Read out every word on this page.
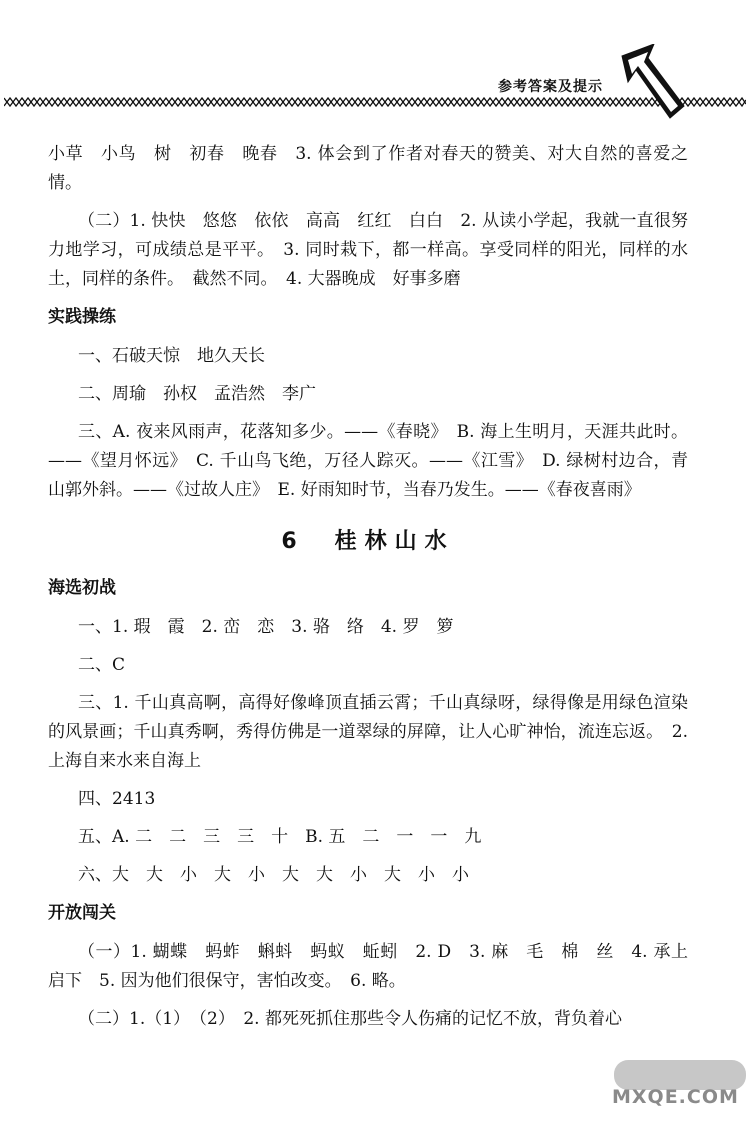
参考答案及提示

小草　小鸟　树　初春　晚春　3. 体会到了作者对春天的赞美、对大自然的喜爱之情。

（二）1. 快快　悠悠　依依　高高　红红　白白　2. 从读小学起，我就一直很努力地学习，可成绩总是平平。　3. 同时栽下，都一样高。享受同样的阳光，同样的水土，同样的条件。　截然不同。　4. 大器晚成　好事多磨

实践操练

一、石破天惊　地久天长

二、周瑜　孙权　孟浩然　李广

三、A. 夜来风雨声，花落知多少。——《春晓》　B. 海上生明月，天涯共此时。——《望月怀远》　C. 千山鸟飞绝，万径人踪灭。——《江雪》　D. 绿树村边合，青山郭外斜。——《过故人庄》　E. 好雨知时节，当春乃发生。——《春夜喜雨》

6　桂林山水
海选初战

一、1. 瑕　霞　2. 峦　恋　3. 骆　络　4. 罗　箩

二、C

三、1. 千山真高啊，高得好像峰顶直插云霄；千山真绿呀，绿得像是用绿色渲染的风景画；千山真秀啊，秀得仿佛是一道翠绿的屏障，让人心旷神怡，流连忘返。　2. 上海自来水来自海上

四、2413

五、A. 二　二　三　三　十　B. 五　二　一　一　九

六、大　大　小　大　小　大　大　小　大　小　小

开放闯关

（一）1. 蝴蝶　蚂蚱　蝌蚪　蚂蚁　蚯蚓　2. D　3. 麻　毛　棉　丝　4. 承上启下　5. 因为他们很保守，害怕改变。　6. 略。

（二）1.（1）　（2）　2. 都死死抓住那些令人伤痛的记忆不放，背负着心

MXQE.COM
